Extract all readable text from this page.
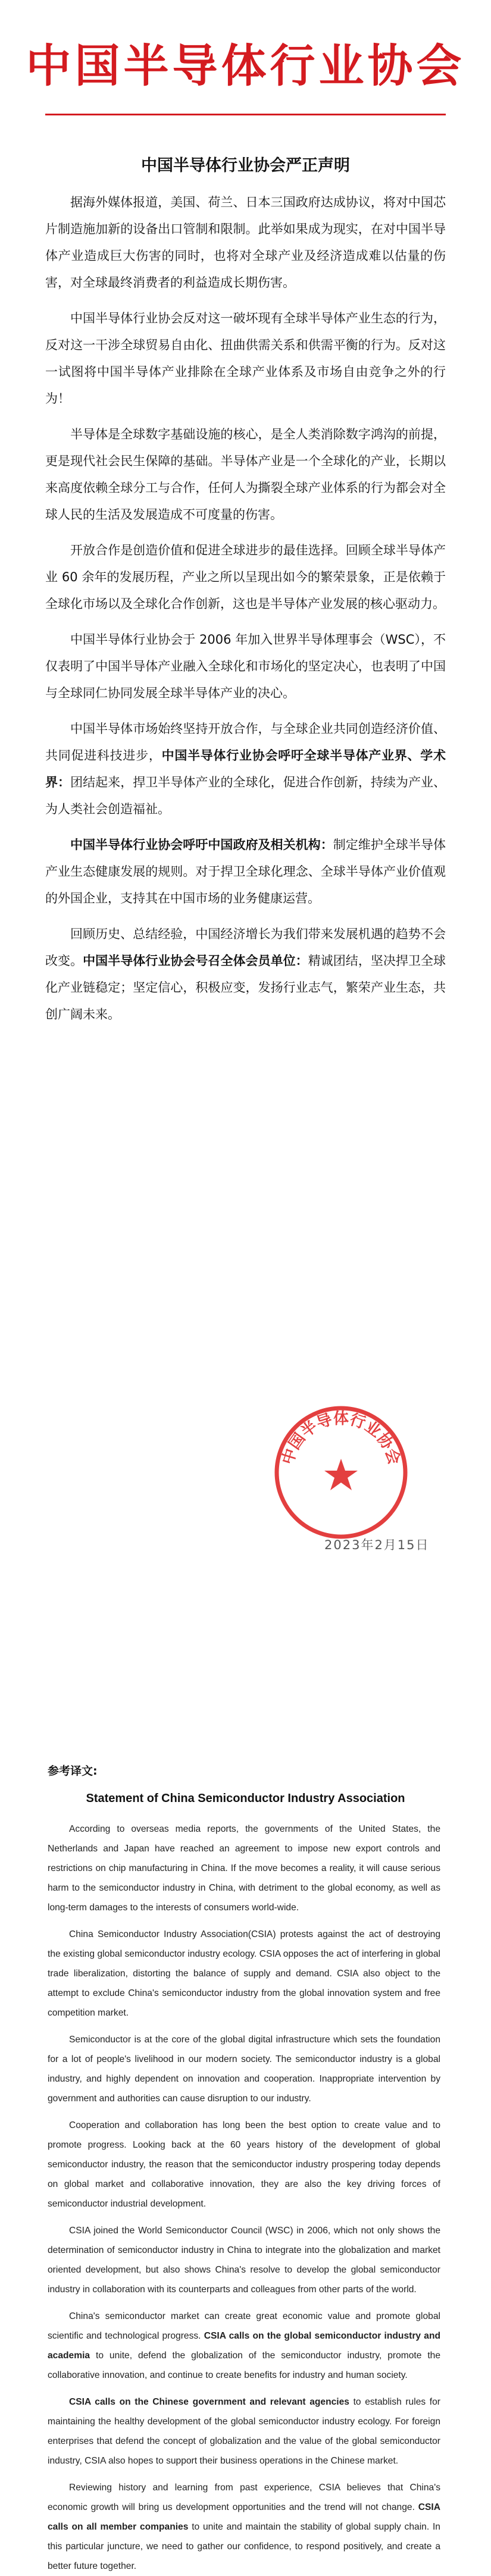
中国半导体行业协会
中国半导体行业协会严正声明

据海外媒体报道，美国、荷兰、日本三国政府达成协议，将对中国芯片制造施加新的设备出口管制和限制。此举如果成为现实，在对中国半导体产业造成巨大伤害的同时，也将对全球产业及经济造成难以估量的伤害，对全球最终消费者的利益造成长期伤害。

中国半导体行业协会反对这一破坏现有全球半导体产业生态的行为，反对这一干涉全球贸易自由化、扭曲供需关系和供需平衡的行为。反对这一试图将中国半导体产业排除在全球产业体系及市场自由竞争之外的行为！

半导体是全球数字基础设施的核心，是全人类消除数字鸿沟的前提，更是现代社会民生保障的基础。半导体产业是一个全球化的产业，长期以来高度依赖全球分工与合作，任何人为撕裂全球产业体系的行为都会对全球人民的生活及发展造成不可度量的伤害。

开放合作是创造价值和促进全球进步的最佳选择。回顾全球半导体产业 60 余年的发展历程，产业之所以呈现出如今的繁荣景象，正是依赖于全球化市场以及全球化合作创新，这也是半导体产业发展的核心驱动力。

中国半导体行业协会于 2006 年加入世界半导体理事会（WSC），不仅表明了中国半导体产业融入全球化和市场化的坚定决心，也表明了中国与全球同仁协同发展全球半导体产业的决心。

中国半导体市场始终坚持开放合作，与全球企业共同创造经济价值、共同促进科技进步，中国半导体行业协会呼吁全球半导体产业界、学术界：团结起来，捍卫半导体产业的全球化，促进合作创新，持续为产业、为人类社会创造福祉。

中国半导体行业协会呼吁中国政府及相关机构：制定维护全球半导体产业生态健康发展的规则。对于捍卫全球化理念、全球半导体产业价值观的外国企业，支持其在中国市场的业务健康运营。

回顾历史、总结经验，中国经济增长为我们带来发展机遇的趋势不会改变。中国半导体行业协会号召全体会员单位：精诚团结，坚决捍卫全球化产业链稳定；坚定信心，积极应变，发扬行业志气，繁荣产业生态，共创广阔未来。

中国半导体行业协会
2023年2月15日
参考译文:
Statement of China Semiconductor Industry Association

According to overseas media reports, the governments of the United States, the Netherlands and Japan have reached an agreement to impose new export controls and restrictions on chip manufacturing in China. If the move becomes a reality, it will cause serious harm to the semiconductor industry in China, with detriment to the global economy, as well as long-term damages to the interests of consumers world-wide.

China Semiconductor Industry Association(CSIA) protests against the act of destroying the existing global semiconductor industry ecology. CSIA opposes the act of interfering in global trade liberalization, distorting the balance of supply and demand. CSIA also object to the attempt to exclude China's semiconductor industry from the global innovation system and free competition market.

Semiconductor is at the core of the global digital infrastructure which sets the foundation for a lot of people's livelihood in our modern society. The semiconductor industry is a global industry, and highly dependent on innovation and cooperation. Inappropriate intervention by government and authorities can cause disruption to our industry.

Cooperation and collaboration has long been the best option to create value and to promote progress. Looking back at the 60 years history of the development of global semiconductor industry, the reason that the semiconductor industry prospering today depends on global market and collaborative innovation, they are also the key driving forces of semiconductor industrial development.

CSIA joined the World Semiconductor Council (WSC) in 2006, which not only shows the determination of semiconductor industry in China to integrate into the globalization and market oriented development, but also shows China's resolve to develop the global semiconductor industry in collaboration with its counterparts and colleagues from other parts of the world.

China's semiconductor market can create great economic value and promote global scientific and technological progress. CSIA calls on the global semiconductor industry and academia to unite, defend the globalization of the semiconductor industry, promote the collaborative innovation, and continue to create benefits for industry and human society.

CSIA calls on the Chinese government and relevant agencies to establish rules for maintaining the healthy development of the global semiconductor industry ecology. For foreign enterprises that defend the concept of globalization and the value of the global semiconductor industry, CSIA also hopes to support their business operations in the Chinese market.

Reviewing history and learning from past experience, CSIA believes that China's economic growth will bring us development opportunities and the trend will not change. CSIA calls on all member companies to unite and maintain the stability of global supply chain. In this particular juncture, we need to gather our confidence, to respond positively, and create a better future together.
